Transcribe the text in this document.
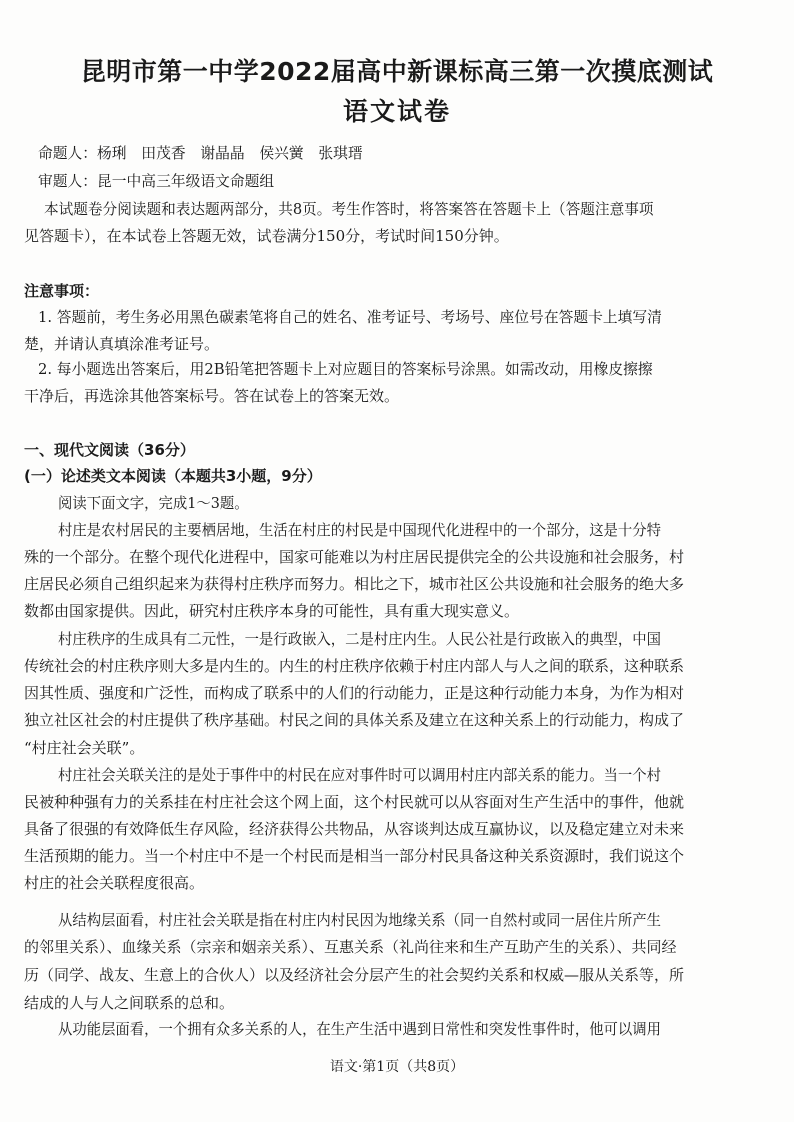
昆明市第一中学2022届高中新课标高三第一次摸底测试
语文试卷
命题人：杨琍　田茂香　谢晶晶　侯兴黉　张琪瑨
审题人：昆一中高三年级语文命题组
本试题卷分阅读题和表达题两部分，共8页。考生作答时，将答案答在答题卡上（答题注意事项
见答题卡），在本试卷上答题无效，试卷满分150分，考试时间150分钟。
注意事项：
1. 答题前，考生务必用黑色碳素笔将自己的姓名、准考证号、考场号、座位号在答题卡上填写清
楚，并请认真填涂准考证号。
2. 每小题选出答案后，用2B铅笔把答题卡上对应题目的答案标号涂黑。如需改动，用橡皮擦擦
干净后，再选涂其他答案标号。答在试卷上的答案无效。
一、现代文阅读（36分）
(一）论述类文本阅读（本题共3小题，9分）
阅读下面文字，完成1～3题。
村庄是农村居民的主要栖居地，生活在村庄的村民是中国现代化进程中的一个部分，这是十分特
殊的一个部分。在整个现代化进程中，国家可能难以为村庄居民提供完全的公共设施和社会服务，村
庄居民必须自己组织起来为获得村庄秩序而努力。相比之下，城市社区公共设施和社会服务的绝大多
数都由国家提供。因此，研究村庄秩序本身的可能性，具有重大现实意义。
村庄秩序的生成具有二元性，一是行政嵌入，二是村庄内生。人民公社是行政嵌入的典型，中国
传统社会的村庄秩序则大多是内生的。内生的村庄秩序依赖于村庄内部人与人之间的联系，这种联系
因其性质、强度和广泛性，而构成了联系中的人们的行动能力，正是这种行动能力本身，为作为相对
独立社区社会的村庄提供了秩序基础。村民之间的具体关系及建立在这种关系上的行动能力，构成了
“村庄社会关联”。
村庄社会关联关注的是处于事件中的村民在应对事件时可以调用村庄内部关系的能力。当一个村
民被种种强有力的关系挂在村庄社会这个网上面，这个村民就可以从容面对生产生活中的事件，他就
具备了很强的有效降低生存风险，经济获得公共物品，从容谈判达成互赢协议，以及稳定建立对未来
生活预期的能力。当一个村庄中不是一个村民而是相当一部分村民具备这种关系资源时，我们说这个
村庄的社会关联程度很高。
从结构层面看，村庄社会关联是指在村庄内村民因为地缘关系（同一自然村或同一居住片所产生
的邻里关系）、血缘关系（宗亲和姻亲关系）、互惠关系（礼尚往来和生产互助产生的关系）、共同经
历（同学、战友、生意上的合伙人）以及经济社会分层产生的社会契约关系和权威—服从关系等，所
结成的人与人之间联系的总和。
从功能层面看，一个拥有众多关系的人，在生产生活中遇到日常性和突发性事件时，他可以调用
语文·第1页（共8页）
